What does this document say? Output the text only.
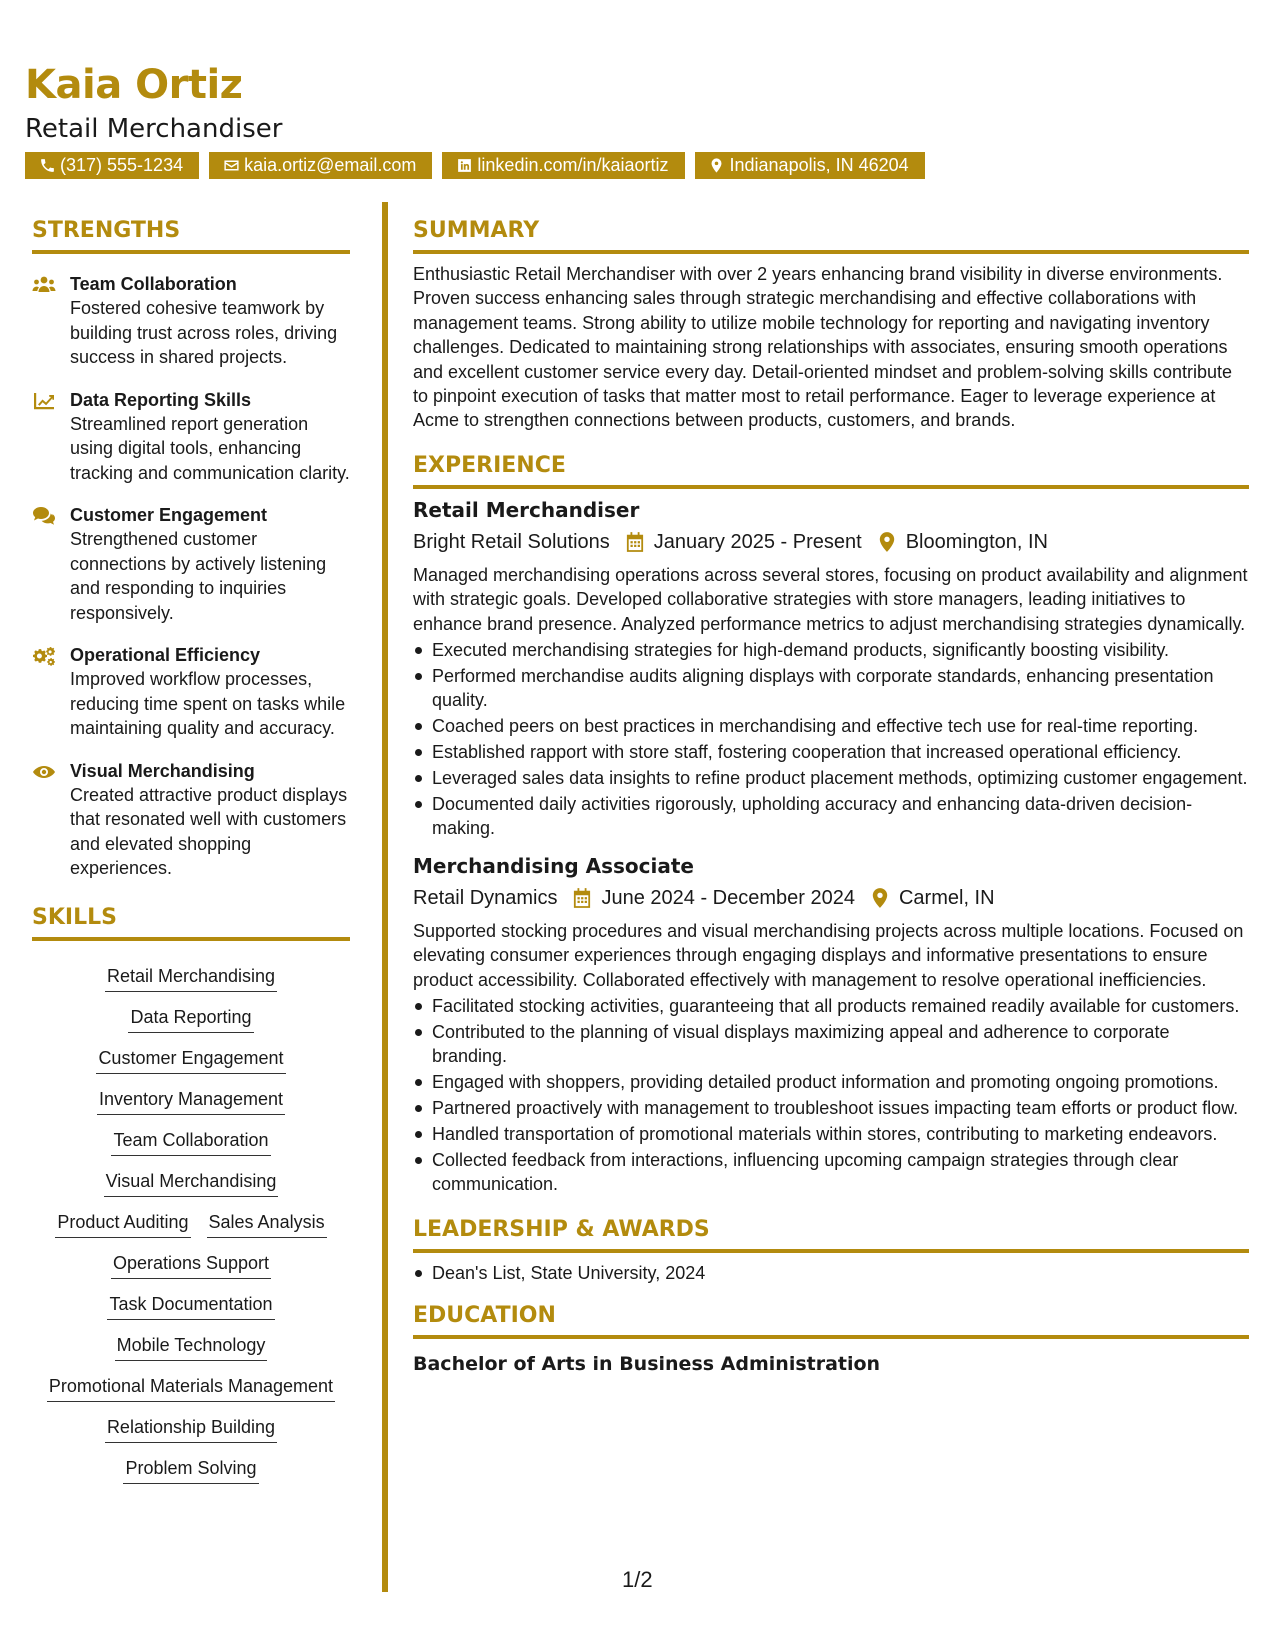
Kaia Ortiz
Retail Merchandiser
(317) 555-1234	kaia.ortiz@email.com	linkedin.com/in/kaiaortiz	Indianapolis, IN 46204
STRENGTHS
Team Collaboration
Fostered cohesive teamwork by building trust across roles, driving success in shared projects.
Data Reporting Skills
Streamlined report generation using digital tools, enhancing tracking and communication clarity.
Customer Engagement
Strengthened customer connections by actively listening and responding to inquiries responsively.
Operational Efficiency
Improved workflow processes, reducing time spent on tasks while maintaining quality and accuracy.
Visual Merchandising
Created attractive product displays that resonated well with customers and elevated shopping experiences.
SKILLS
Retail Merchandising
Data Reporting
Customer Engagement
Inventory Management
Team Collaboration
Visual Merchandising
Product Auditing Sales Analysis
Operations Support
Task Documentation
Mobile Technology
Promotional Materials Management
Relationship Building
Problem Solving
SUMMARY
Enthusiastic Retail Merchandiser with over 2 years enhancing brand visibility in diverse environments. Proven success enhancing sales through strategic merchandising and effective collaborations with management teams. Strong ability to utilize mobile technology for reporting and navigating inventory challenges. Dedicated to maintaining strong relationships with associates, ensuring smooth operations and excellent customer service every day. Detail-oriented mindset and problem-solving skills contribute to pinpoint execution of tasks that matter most to retail performance. Eager to leverage experience at Acme to strengthen connections between products, customers, and brands.
EXPERIENCE
Retail Merchandiser
Bright Retail Solutions January 2025 - Present Bloomington, IN
Managed merchandising operations across several stores, focusing on product availability and alignment with strategic goals. Developed collaborative strategies with store managers, leading initiatives to enhance brand presence. Analyzed performance metrics to adjust merchandising strategies dynamically.
Executed merchandising strategies for high-demand products, significantly boosting visibility.
Performed merchandise audits aligning displays with corporate standards, enhancing presentation quality.
Coached peers on best practices in merchandising and effective tech use for real-time reporting.
Established rapport with store staff, fostering cooperation that increased operational efficiency.
Leveraged sales data insights to refine product placement methods, optimizing customer engagement.
Documented daily activities rigorously, upholding accuracy and enhancing data-driven decision-making.
Merchandising Associate
Retail Dynamics June 2024 - December 2024 Carmel, IN
Supported stocking procedures and visual merchandising projects across multiple locations. Focused on elevating consumer experiences through engaging displays and informative presentations to ensure product accessibility. Collaborated effectively with management to resolve operational inefficiencies.
Facilitated stocking activities, guaranteeing that all products remained readily available for customers.
Contributed to the planning of visual displays maximizing appeal and adherence to corporate branding.
Engaged with shoppers, providing detailed product information and promoting ongoing promotions.
Partnered proactively with management to troubleshoot issues impacting team efforts or product flow.
Handled transportation of promotional materials within stores, contributing to marketing endeavors.
Collected feedback from interactions, influencing upcoming campaign strategies through clear communication.
LEADERSHIP & AWARDS
Dean's List, State University, 2024
EDUCATION
Bachelor of Arts in Business Administration
1/2
